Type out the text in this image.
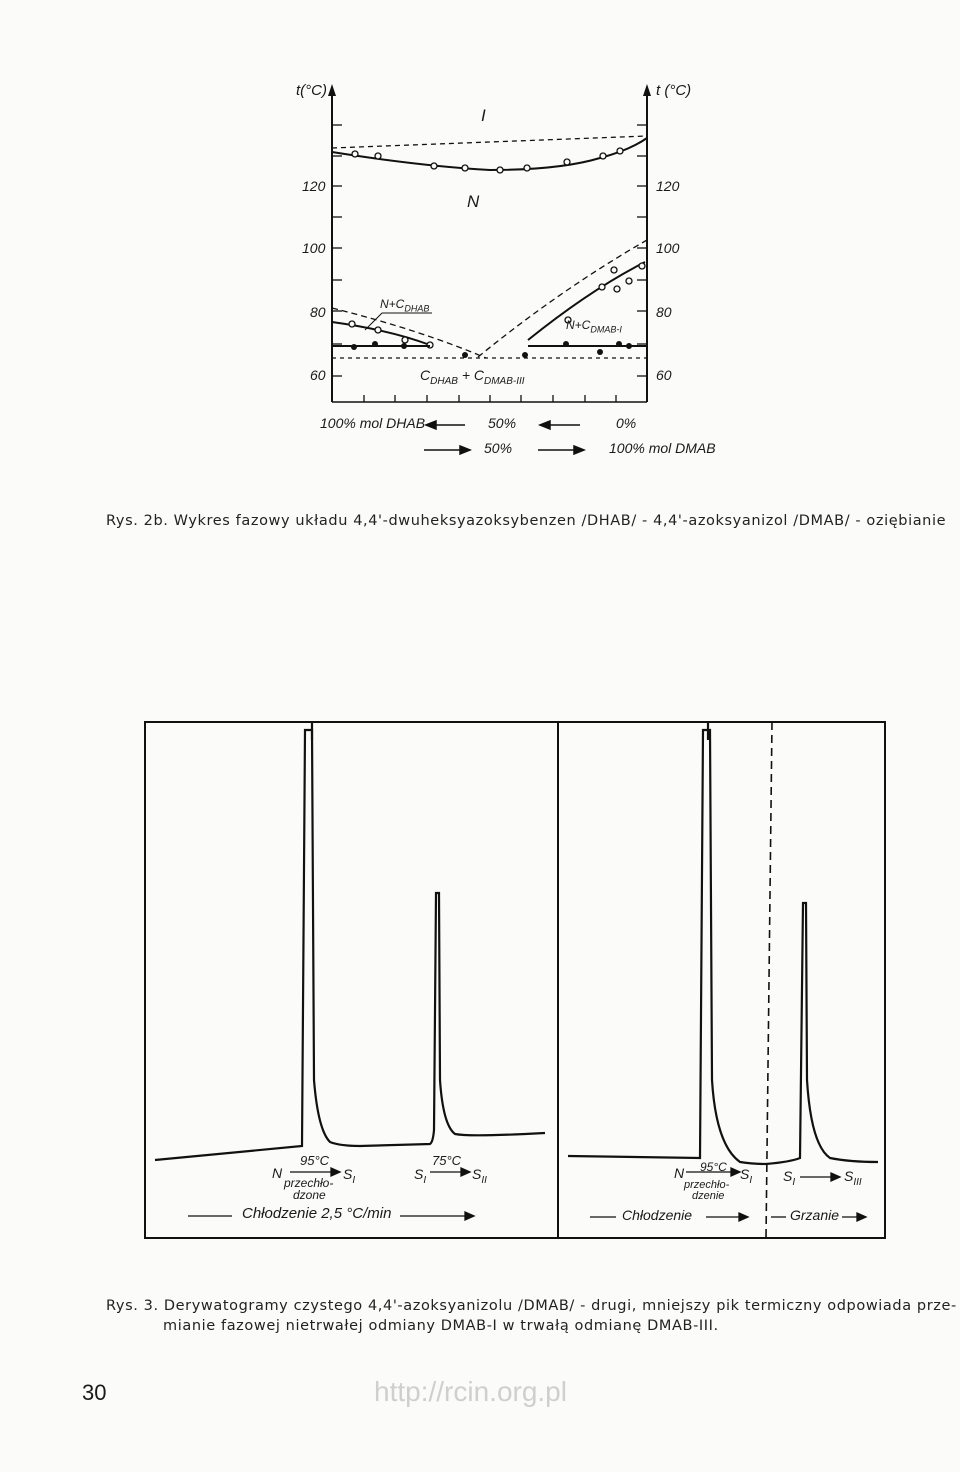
t(°C)	t (°C)
120
100
80
60
120
100
80
60
I
N
$N+C_{DHAB}$
$N+C_{DMAB-I}$
$C_{DHAB} + C_{DMAB-III}$
100% mol DHAB	50%	0%
50%	100% mol DMAB
Rys. 2b. Wykres fazowy układu 4,4'-dwuheksyazoksybenzen /DHAB/ - 4,4'-azoksyanizol /DMAB/ - oziębianie
N
95°C
przechło-
dzone
$S_I$	$S_I$
75°C
$S_{II}$
Chłodzenie 2,5 °C/min
N 95°C
przechło-
dzenie
$S_I$ $S_I$	$S_{III}$
Chłodzenie	Grzanie
Rys. 3. Derywatogramy czystego 4,4'-azoksyanizolu /DMAB/ - drugi, mniejszy pik termiczny odpowiada prze-
mianie fazowej nietrwałej odmiany DMAB-I w trwałą odmianę DMAB-III.
30	http://rcin.org.pl
